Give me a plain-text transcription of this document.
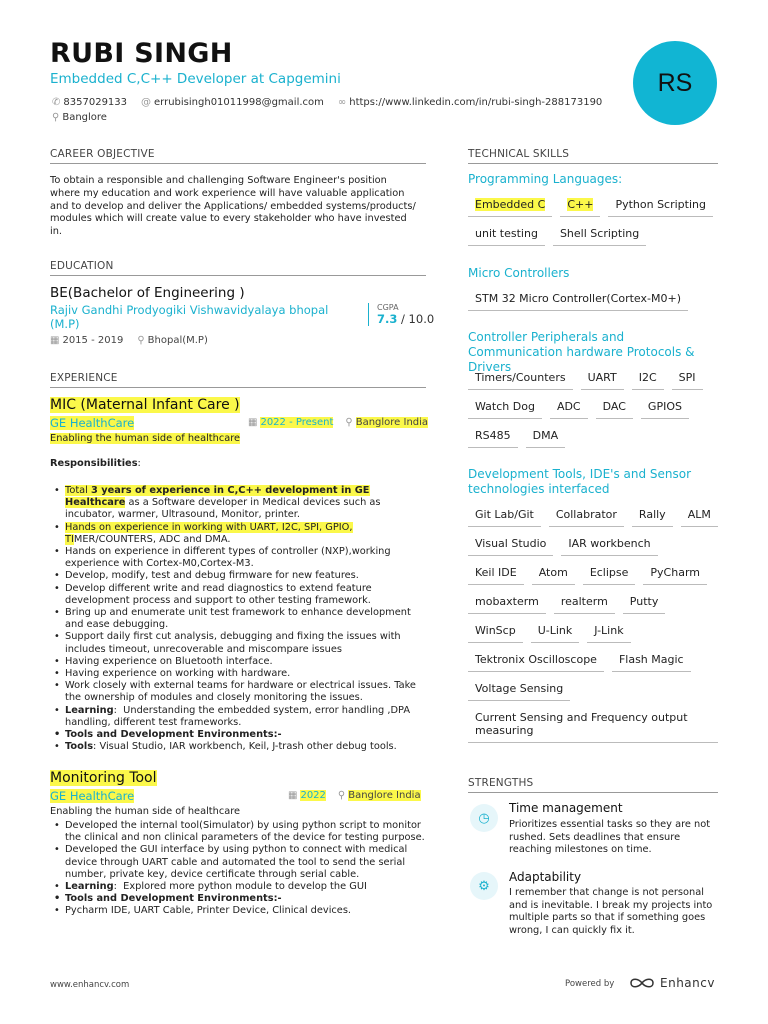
RUBI SINGH
Embedded C,C++ Developer at Capgemini
✆ 8357029133 @ errubisingh01011998@gmail.com ∞ https://www.linkedin.com/in/rubi-singh-288173190
⚲ Banglore
RS
CAREER OBJECTIVE
To obtain a responsible and challenging Software Engineer's position where my education and work experience will have valuable application and to develop and deliver the Applications/ embedded systems/products/ modules which will create value to every stakeholder who have invested in.
EDUCATION
BE(Bachelor of Engineering )
Rajiv Gandhi Prodyogiki Vishwavidyalaya bhopal (M.P)
CGPA
7.3 / 10.0
▦ 2015 - 2019 ⚲ Bhopal(M.P)
EXPERIENCE
MIC (Maternal Infant Care )
GE HealthCare	▦ 2022 - Present ⚲ Banglore India
Enabling the human side of healthcare
Responsibilities:
• Total 3 years of experience in C,C++ development in GE Healthcare as a Software developer in Medical devices such as incubator, warmer, Ultrasound, Monitor, printer.
• Hands on experience in working with UART, I2C, SPI, GPIO, TIMER/COUNTERS, ADC and DMA.
• Hands on experience in different types of controller (NXP),working experience with Cortex-M0,Cortex-M3.
• Develop, modify, test and debug firmware for new features.
• Develop different write and read diagnostics to extend feature development process and support to other testing framework.
• Bring up and enumerate unit test framework to enhance development and ease debugging.
• Support daily first cut analysis, debugging and fixing the issues with includes timeout, unrecoverable and miscompare issues
• Having experience on Bluetooth interface.
• Having experience on working with hardware.
• Work closely with external teams for hardware or electrical issues. Take the ownership of modules and closely monitoring the issues.
• Learning:  Understanding the embedded system, error handling ,DPA handling, different test frameworks.
• Tools and Development Environments:-
• Tools: Visual Studio, IAR workbench, Keil, J-trash other debug tools.
Monitoring Tool
GE HealthCare	▦ 2022 ⚲ Banglore India
Enabling the human side of healthcare
• Developed the internal tool(Simulator) by using python script to monitor the clinical and non clinical parameters of the device for testing purpose.
• Developed the GUI interface by using python to connect with medical device through UART cable and automated the tool to send the serial number, private key, device certificate through serial cable.
• Learning:  Explored more python module to develop the GUI
• Tools and Development Environments:-
• Pycharm IDE, UART Cable, Printer Device, Clinical devices.
TECHNICAL SKILLS
Programming Languages:
Embedded C	C++	Python Scripting
unit testing	Shell Scripting
Micro Controllers
STM 32 Micro Controller(Cortex-M0+)
Controller Peripherals and Communication hardware Protocols & Drivers
Timers/Counters	UART	I2C	SPI
Watch Dog	ADC	DAC	GPIOS
RS485	DMA
Development Tools, IDE's and Sensor technologies interfaced
Git Lab/Git	Collabrator	Rally	ALM
Visual Studio	IAR workbench
Keil IDE	Atom	Eclipse	PyCharm
mobaxterm	realterm	Putty
WinScp	U-Link	J-Link
Tektronix Oscilloscope	Flash Magic
Voltage Sensing
Current Sensing and Frequency output measuring
STRENGTHS
◷
Time management
Prioritizes essential tasks so they are not rushed. Sets deadlines that ensure reaching milestones on time.
⚙
Adaptability
I remember that change is not personal and is inevitable. I break my projects into multiple parts so that if something goes wrong, I can quickly fix it.
www.enhancv.com	Powered by	Enhancv
